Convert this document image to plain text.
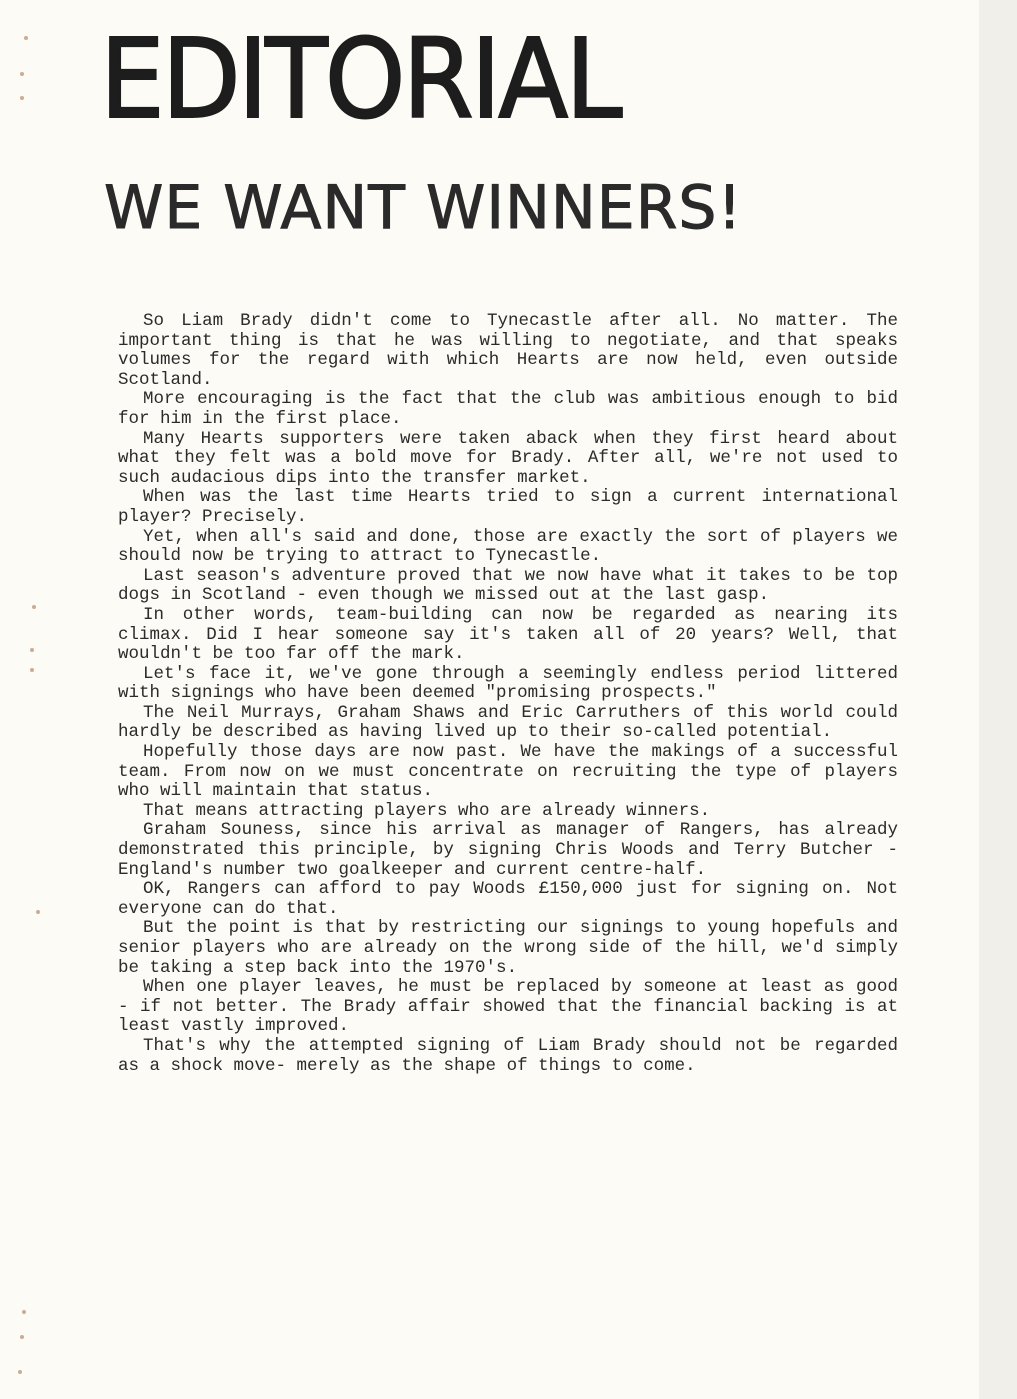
EDITORIAL
WE WANT WINNERS!

So Liam Brady didn't come to Tynecastle after all. No matter. The important thing is that he was willing to negotiate, and that speaks volumes for the regard with which Hearts are now held, even outside Scotland.

More encouraging is the fact that the club was ambitious enough to bid for him in the first place.

Many Hearts supporters were taken aback when they first heard about what they felt was a bold move for Brady. After all, we're not used to such audacious dips into the transfer market.

When was the last time Hearts tried to sign a current international player? Precisely.

Yet, when all's said and done, those are exactly the sort of players we should now be trying to attract to Tynecastle.

Last season's adventure proved that we now have what it takes to be top dogs in Scotland - even though we missed out at the last gasp.

In other words, team-building can now be regarded as nearing its climax. Did I hear someone say it's taken all of 20 years? Well, that wouldn't be too far off the mark.

Let's face it, we've gone through a seemingly endless period littered with signings who have been deemed "promising prospects."

The Neil Murrays, Graham Shaws and Eric Carruthers of this world could hardly be described as having lived up to their so-called potential.

Hopefully those days are now past. We have the makings of a successful team. From now on we must concentrate on recruiting the type of players who will maintain that status.

That means attracting players who are already winners.

Graham Souness, since his arrival as manager of Rangers, has already demonstrated this principle, by signing Chris Woods and Terry Butcher - England's number two goalkeeper and current centre-half.

OK, Rangers can afford to pay Woods £150,000 just for signing on. Not everyone can do that.

But the point is that by restricting our signings to young hopefuls and senior players who are already on the wrong side of the hill, we'd simply be taking a step back into the 1970's.

When one player leaves, he must be replaced by someone at least as good - if not better. The Brady affair showed that the financial backing is at least vastly improved.

That's why the attempted signing of Liam Brady should not be regarded as a shock move- merely as the shape of things to come.
